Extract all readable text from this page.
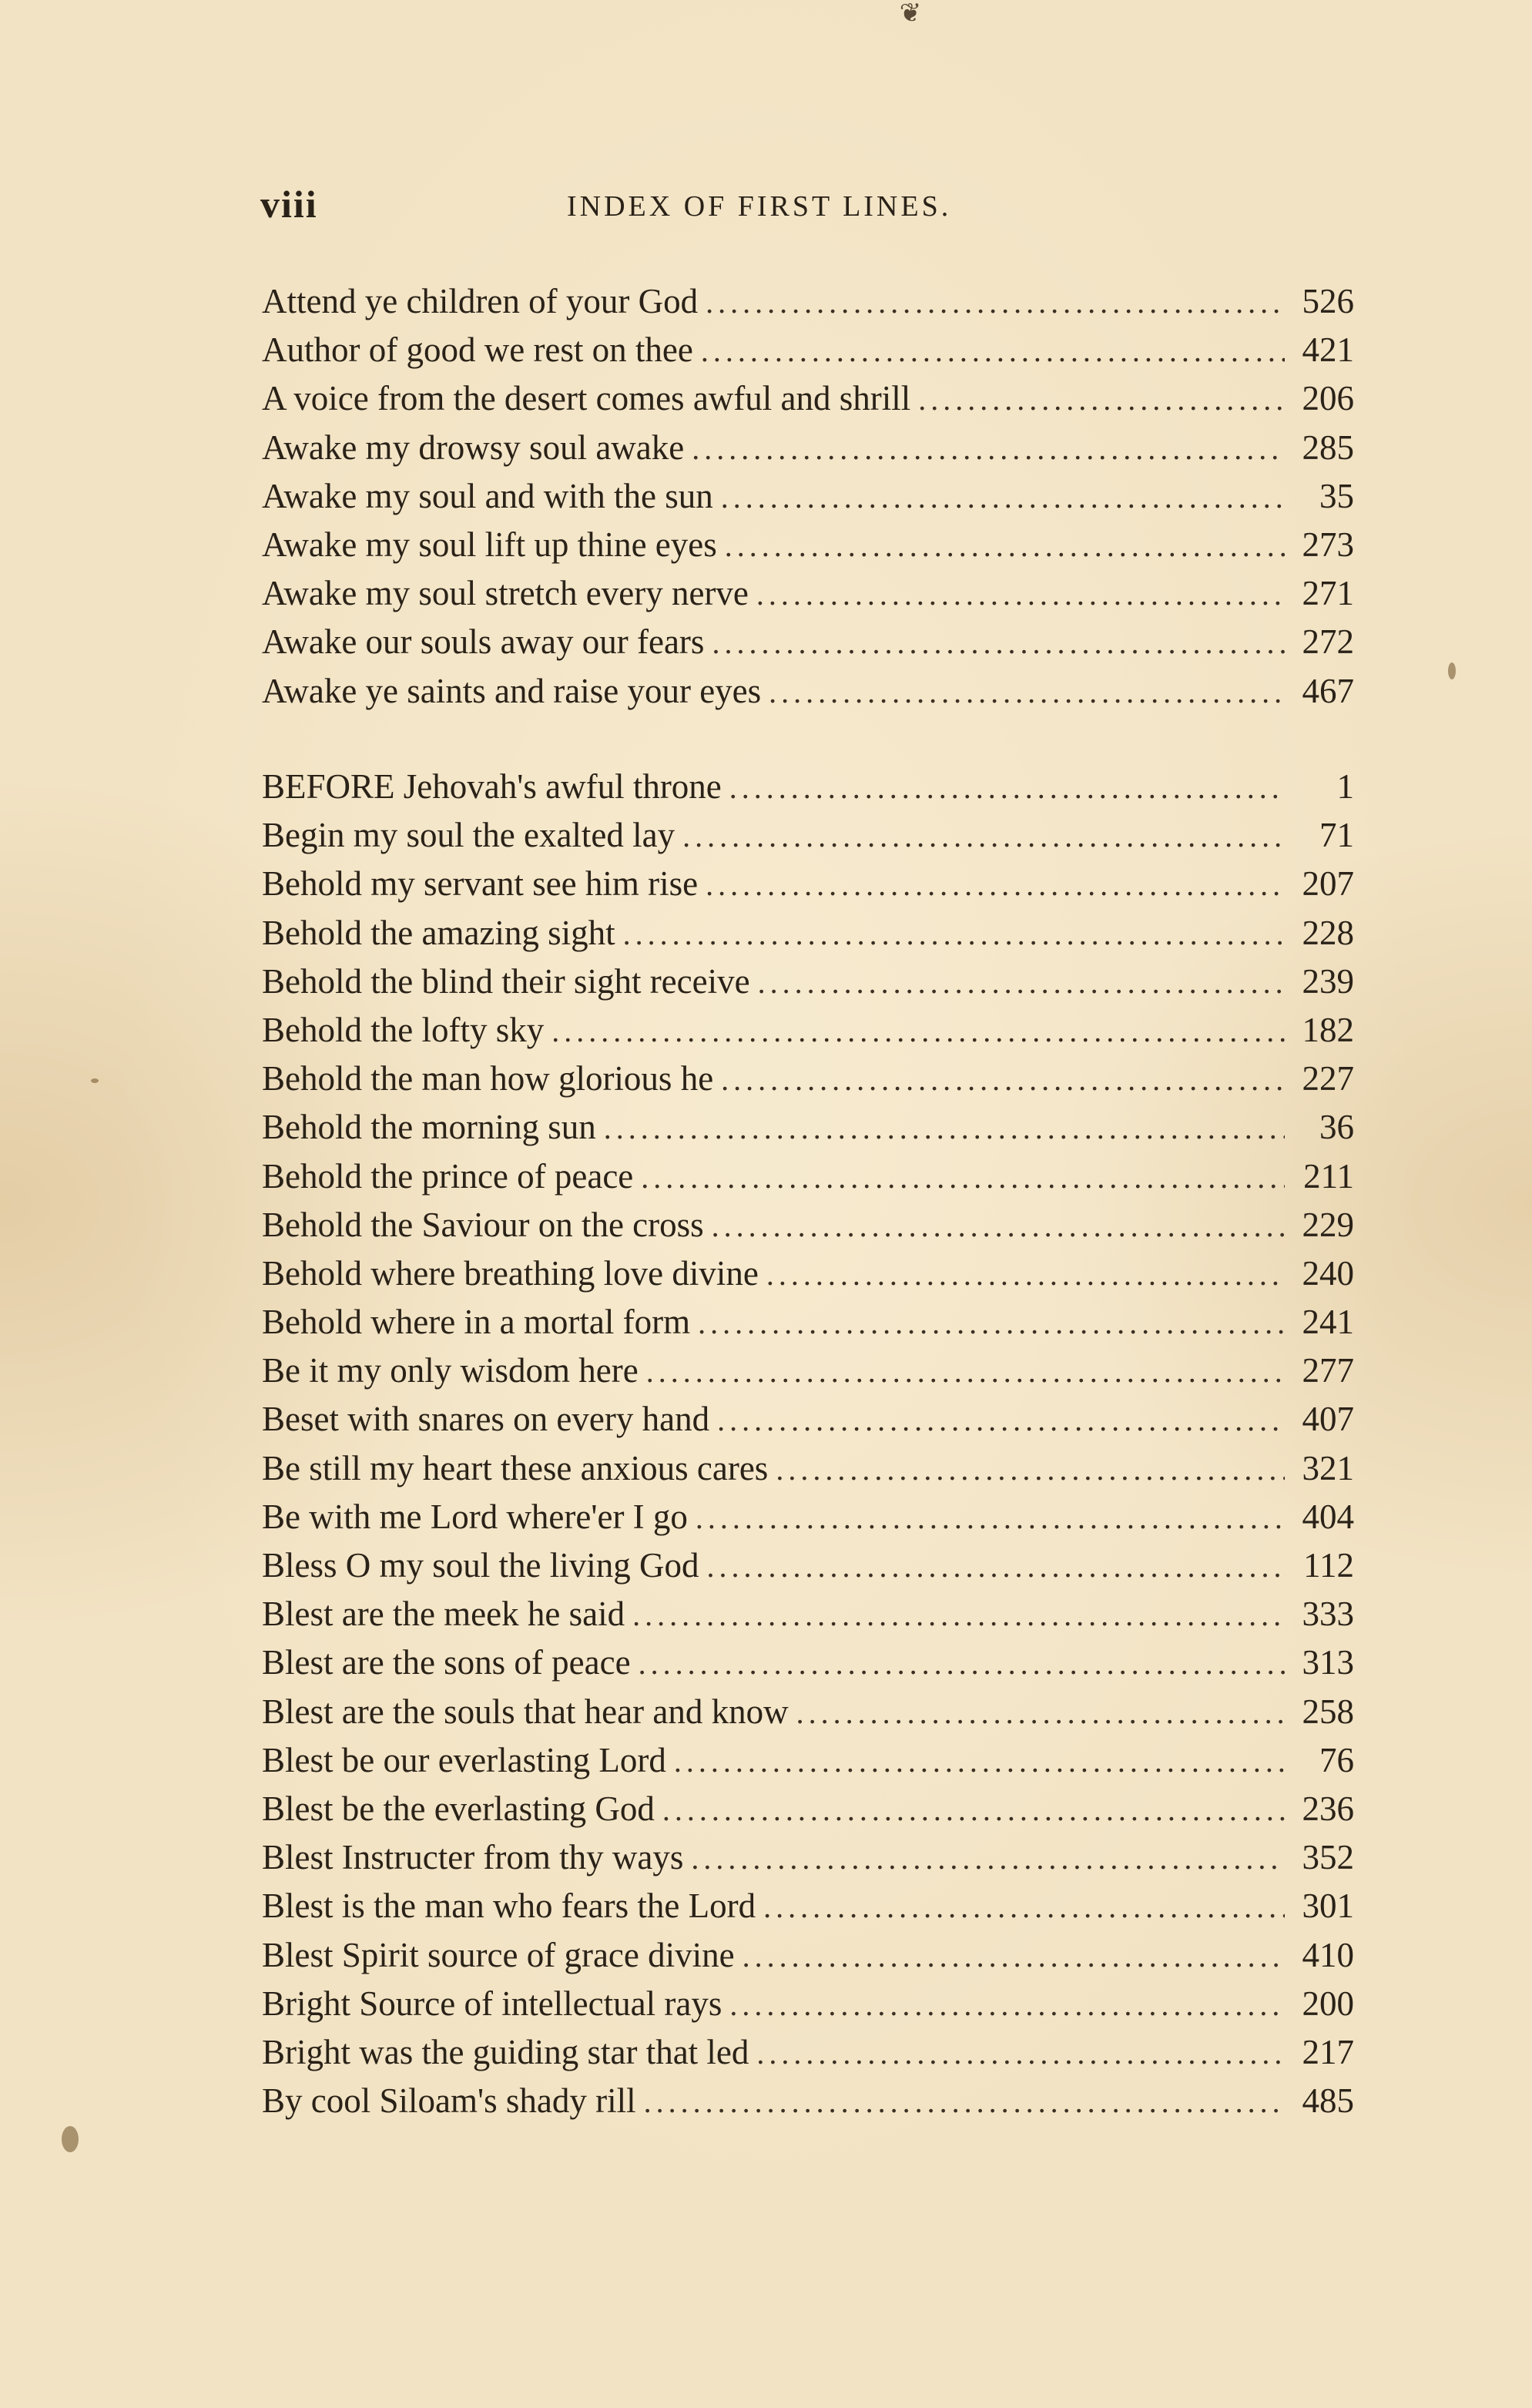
❦
viii	INDEX OF FIRST LINES.
Attend ye children of your God .....	526
Author of good we rest on thee .....	421
A voice from the desert comes awful and shrill .....	206
Awake my drowsy soul awake .....	285
Awake my soul and with the sun .....	35
Awake my soul lift up thine eyes .....	273
Awake my soul stretch every nerve .....	271
Awake our souls away our fears .....	272
Awake ye saints and raise your eyes .....	467
BEFORE Jehovah's awful throne .....	1
Begin my soul the exalted lay .....	71
Behold my servant see him rise .....	207
Behold the amazing sight .....	228
Behold the blind their sight receive .....	239
Behold the lofty sky .....	182
Behold the man how glorious he .....	227
Behold the morning sun .....	36
Behold the prince of peace .....	211
Behold the Saviour on the cross .....	229
Behold where breathing love divine .....	240
Behold where in a mortal form .....	241
Be it my only wisdom here .....	277
Beset with snares on every hand .....	407
Be still my heart these anxious cares .....	321
Be with me Lord where'er I go .....	404
Bless O my soul the living God .....	112
Blest are the meek he said .....	333
Blest are the sons of peace .....	313
Blest are the souls that hear and know .....	258
Blest be our everlasting Lord .....	76
Blest be the everlasting God .....	236
Blest Instructer from thy ways .....	352
Blest is the man who fears the Lord .....	301
Blest Spirit source of grace divine .....	410
Bright Source of intellectual rays .....	200
Bright was the guiding star that led .....	217
By cool Siloam's shady rill .....	485
